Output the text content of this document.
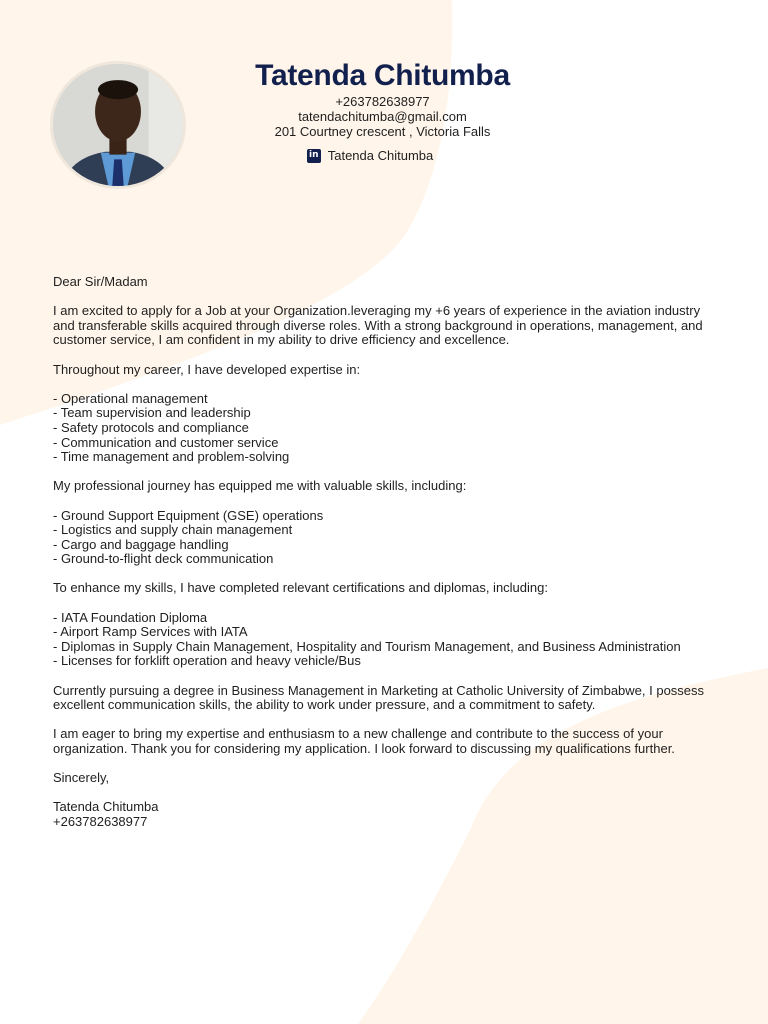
Tatenda Chitumba
+263782638977
tatendachitumba@gmail.com
201 Courtney crescent , Victoria Falls
in Tatenda Chitumba

Dear Sir/Madam

I am excited to apply for a Job at your Organization.leveraging my +6 years of experience in the aviation industry and transferable skills acquired through diverse roles. With a strong background in operations, management, and customer service, I am confident in my ability to drive efficiency and excellence.

Throughout my career, I have developed expertise in:

- Operational management
- Team supervision and leadership
- Safety protocols and compliance
- Communication and customer service
- Time management and problem-solving

My professional journey has equipped me with valuable skills, including:

- Ground Support Equipment (GSE) operations
- Logistics and supply chain management
- Cargo and baggage handling
- Ground-to-flight deck communication

To enhance my skills, I have completed relevant certifications and diplomas, including:

- IATA Foundation Diploma
- Airport Ramp Services with IATA
- Diplomas in Supply Chain Management, Hospitality and Tourism Management, and Business Administration
- Licenses for forklift operation and heavy vehicle/Bus

Currently pursuing a degree in Business Management in Marketing at Catholic University of Zimbabwe, I possess excellent communication skills, the ability to work under pressure, and a commitment to safety.

I am eager to bring my expertise and enthusiasm to a new challenge and contribute to the success of your organization. Thank you for considering my application. I look forward to discussing my qualifications further.

Sincerely,

Tatenda Chitumba
+263782638977
